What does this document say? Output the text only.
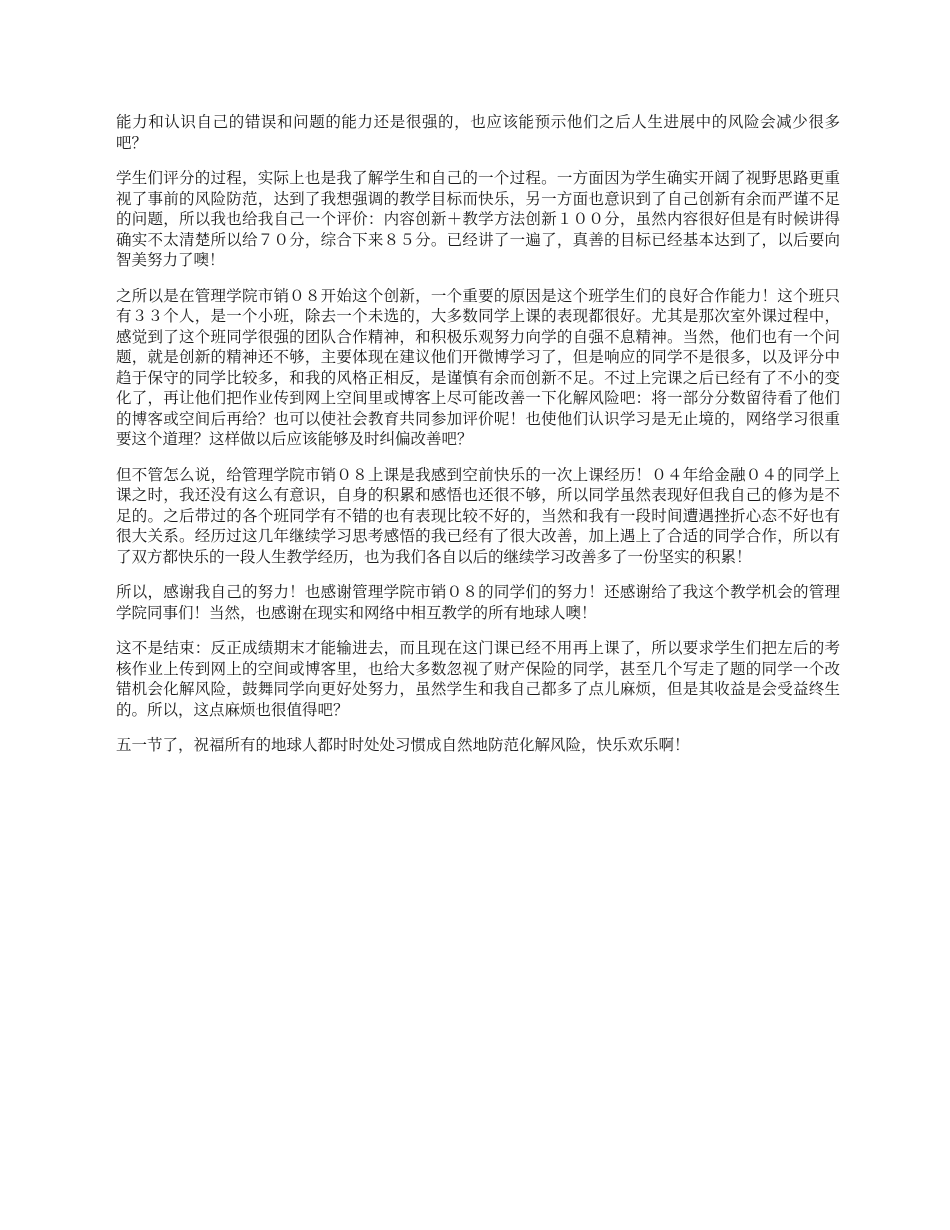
能力和认识自己的错误和问题的能力还是很强的，也应该能预示他们之后人生进展中的风险会减少很多吧？

学生们评分的过程，实际上也是我了解学生和自己的一个过程。一方面因为学生确实开阔了视野思路更重视了事前的风险防范，达到了我想强调的教学目标而快乐，另一方面也意识到了自己创新有余而严谨不足的问题，所以我也给我自己一个评价：内容创新＋教学方法创新１００分，虽然内容很好但是有时候讲得确实不太清楚所以给７０分，综合下来８５分。已经讲了一遍了，真善的目标已经基本达到了，以后要向智美努力了噢！

之所以是在管理学院市销０８开始这个创新，一个重要的原因是这个班学生们的良好合作能力！这个班只有３３个人，是一个小班，除去一个未选的，大多数同学上课的表现都很好。尤其是那次室外课过程中，感觉到了这个班同学很强的团队合作精神，和积极乐观努力向学的自强不息精神。当然，他们也有一个问题，就是创新的精神还不够，主要体现在建议他们开微博学习了，但是响应的同学不是很多，以及评分中趋于保守的同学比较多，和我的风格正相反，是谨慎有余而创新不足。不过上完课之后已经有了不小的变化了，再让他们把作业传到网上空间里或博客上尽可能改善一下化解风险吧：将一部分分数留待看了他们的博客或空间后再给？也可以使社会教育共同参加评价呢！也使他们认识学习是无止境的，网络学习很重要这个道理？这样做以后应该能够及时纠偏改善吧？

但不管怎么说，给管理学院市销０８上课是我感到空前快乐的一次上课经历！０４年给金融０４的同学上课之时，我还没有这么有意识，自身的积累和感悟也还很不够，所以同学虽然表现好但我自己的修为是不足的。之后带过的各个班同学有不错的也有表现比较不好的，当然和我有一段时间遭遇挫折心态不好也有很大关系。经历过这几年继续学习思考感悟的我已经有了很大改善，加上遇上了合适的同学合作，所以有了双方都快乐的一段人生教学经历，也为我们各自以后的继续学习改善多了一份坚实的积累！

所以，感谢我自己的努力！也感谢管理学院市销０８的同学们的努力！还感谢给了我这个教学机会的管理学院同事们！当然，也感谢在现实和网络中相互教学的所有地球人噢！

这不是结束：反正成绩期末才能输进去，而且现在这门课已经不用再上课了，所以要求学生们把左后的考核作业上传到网上的空间或博客里，也给大多数忽视了财产保险的同学，甚至几个写走了题的同学一个改错机会化解风险，鼓舞同学向更好处努力，虽然学生和我自己都多了点儿麻烦，但是其收益是会受益终生的。所以，这点麻烦也很值得吧？

五一节了，祝福所有的地球人都时时处处习惯成自然地防范化解风险，快乐欢乐啊！
